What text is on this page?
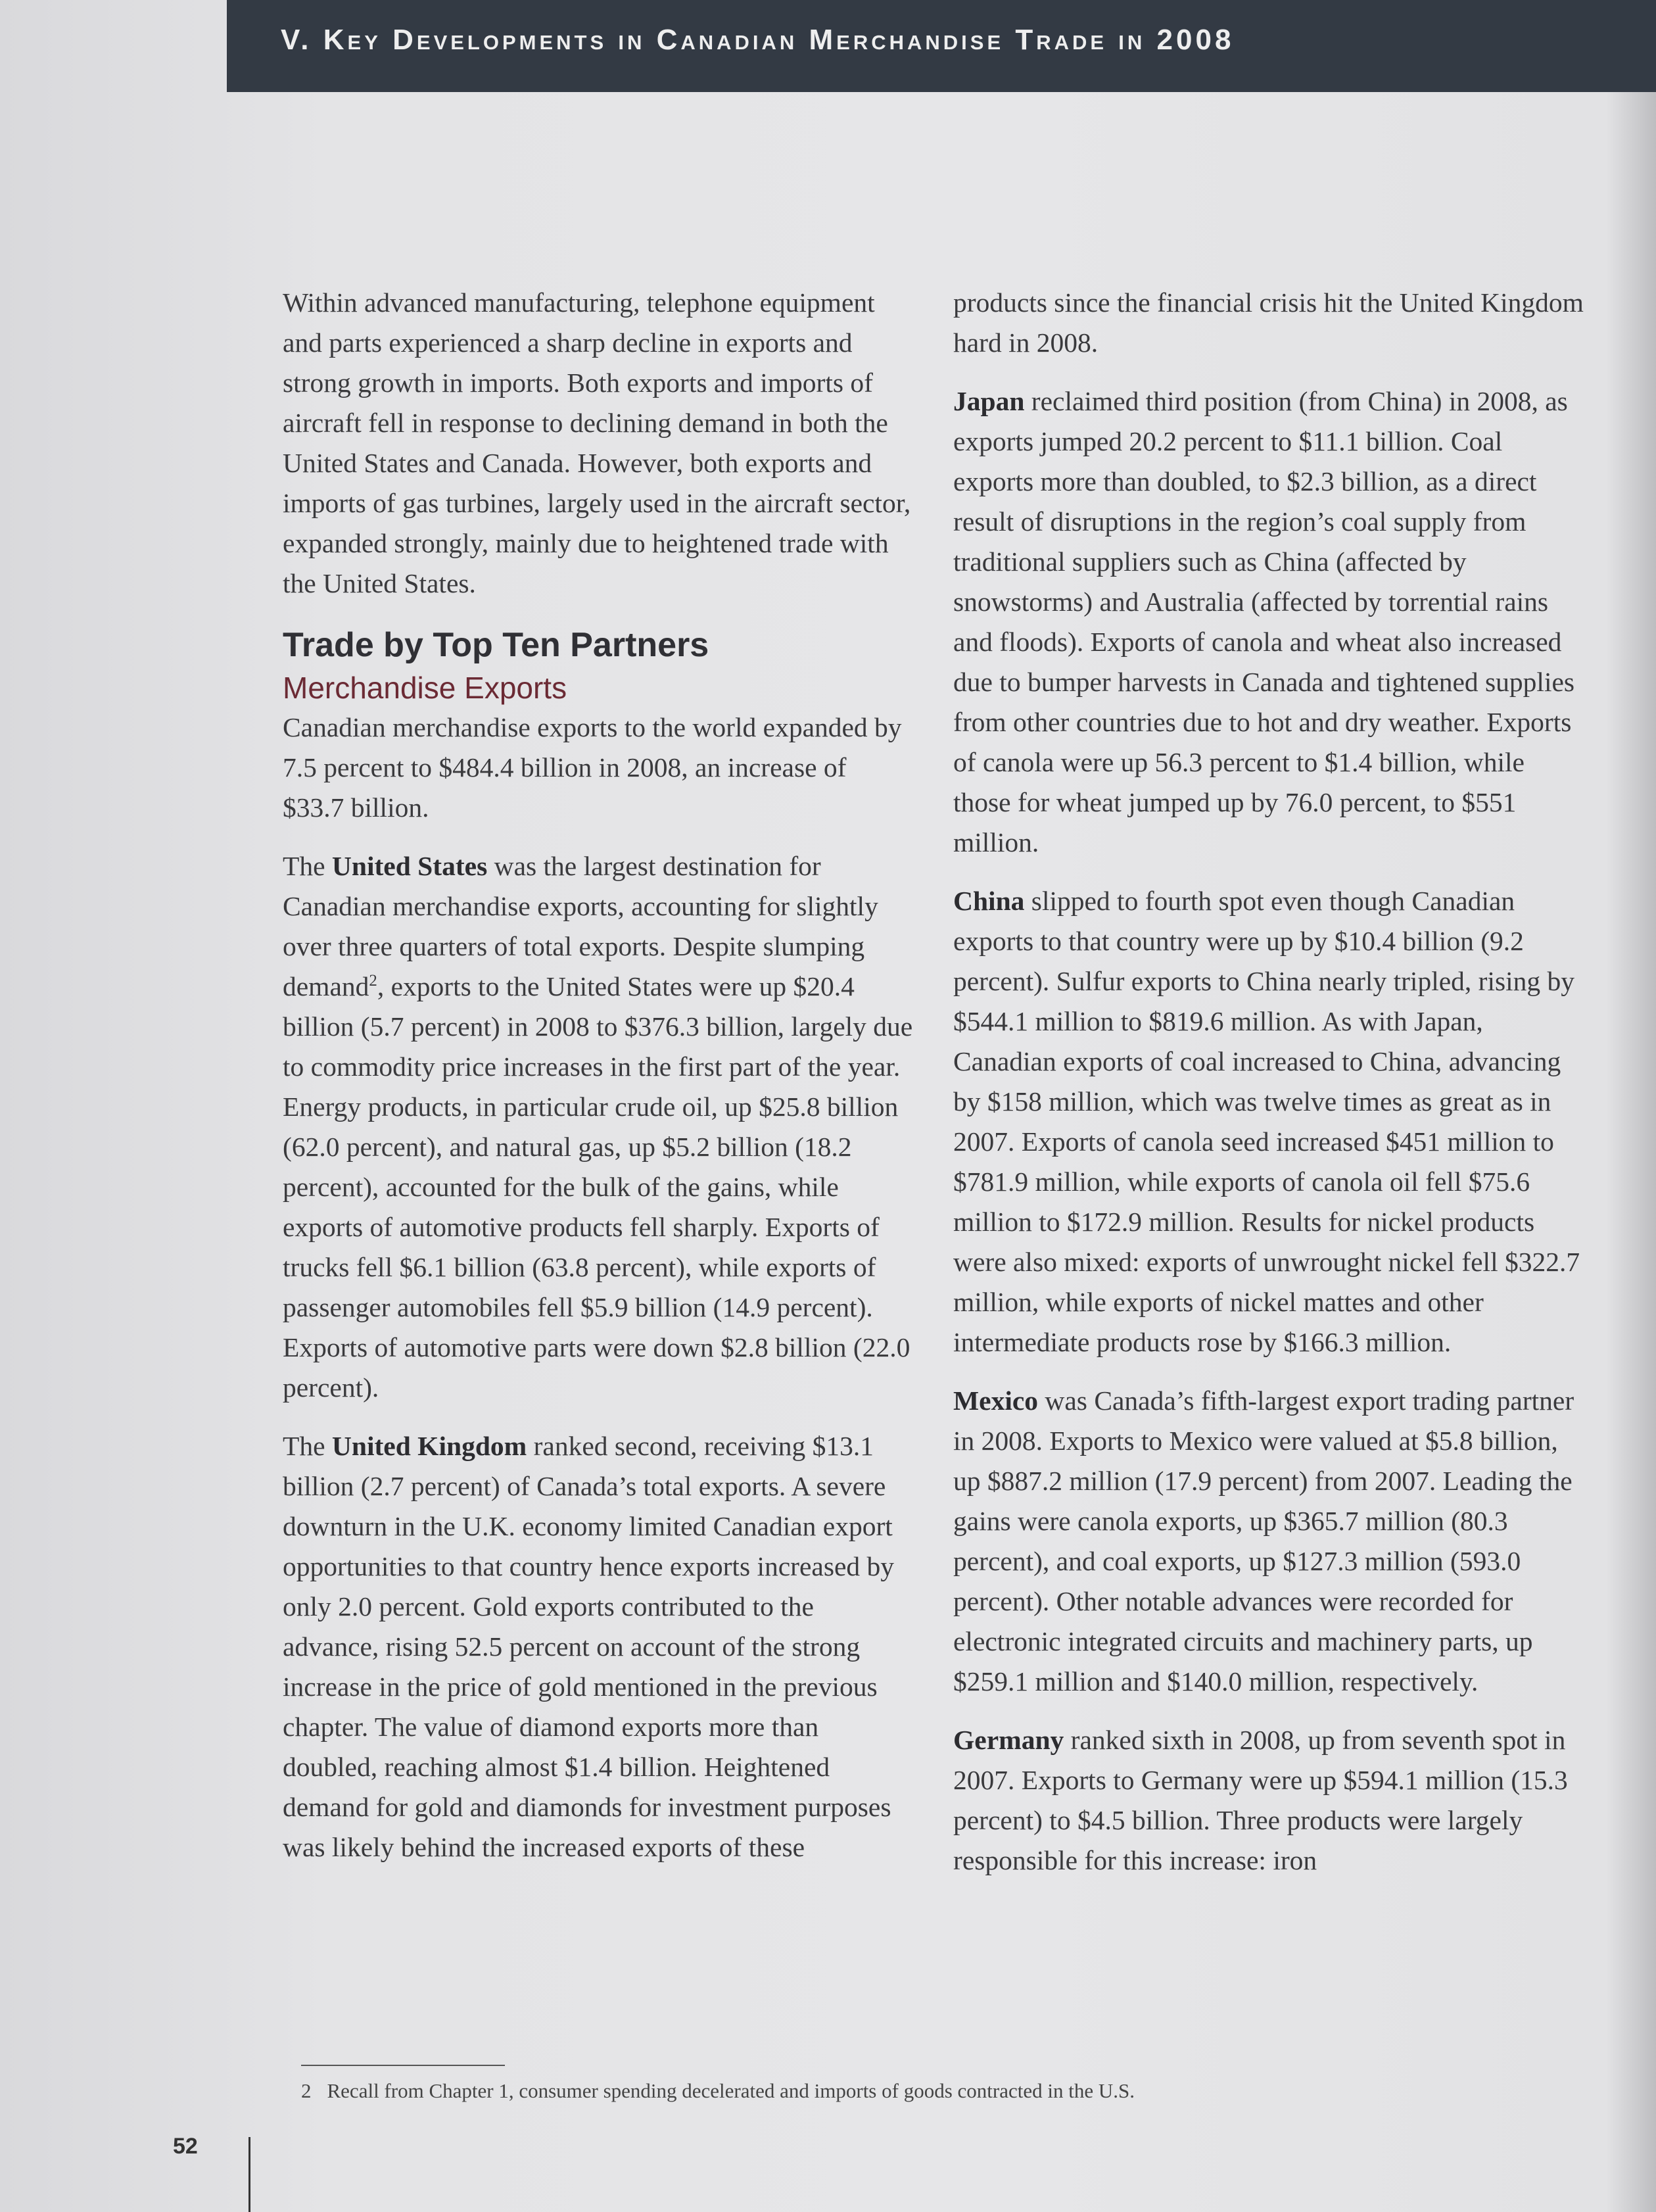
V. Key Developments in Canadian Merchandise Trade in 2008

Within advanced manufacturing, telephone equipment and parts experienced a sharp decline in exports and strong growth in imports. Both exports and imports of aircraft fell in response to declining demand in both the United States and Canada. However, both exports and imports of gas turbines, largely used in the aircraft sector, expanded strongly, mainly due to heightened trade with the United States.

Trade by Top Ten Partners
Merchandise Exports

Canadian merchandise exports to the world expanded by 7.5 percent to $484.4 billion in 2008, an increase of $33.7 billion.

The United States was the largest destination for Canadian merchandise exports, accounting for slightly over three quarters of total exports. Despite slumping demand$^2$, exports to the United States were up $20.4 billion (5.7 percent) in 2008 to $376.3 billion, largely due to commodity price increases in the first part of the year. Energy products, in particular crude oil, up $25.8 billion (62.0 percent), and natural gas, up $5.2 billion (18.2 percent), accounted for the bulk of the gains, while exports of automotive products fell sharply. Exports of trucks fell $6.1 billion (63.8 percent), while exports of passenger automobiles fell $5.9 billion (14.9 percent). Exports of automotive parts were down $2.8 billion (22.0 percent).

The United Kingdom ranked second, receiving $13.1 billion (2.7 percent) of Canada’s total exports. A severe downturn in the U.K. economy limited Canadian export opportunities to that country hence exports increased by only 2.0 percent. Gold exports contributed to the advance, rising 52.5 percent on account of the strong increase in the price of gold mentioned in the previous chapter. The value of diamond exports more than doubled, reaching almost $1.4 billion. Heightened demand for gold and diamonds for investment purposes was likely behind the increased exports of these

products since the financial crisis hit the United Kingdom hard in 2008.

Japan reclaimed third position (from China) in 2008, as exports jumped 20.2 percent to $11.1 billion. Coal exports more than doubled, to $2.3 billion, as a direct result of disruptions in the region’s coal supply from traditional suppliers such as China (affected by snowstorms) and Australia (affected by torrential rains and floods). Exports of canola and wheat also increased due to bumper harvests in Canada and tightened supplies from other countries due to hot and dry weather. Exports of canola were up 56.3 percent to $1.4 billion, while those for wheat jumped up by 76.0 percent, to $551 million.

China slipped to fourth spot even though Canadian exports to that country were up by $10.4 billion (9.2 percent). Sulfur exports to China nearly tripled, rising by $544.1 million to $819.6 million. As with Japan, Canadian exports of coal increased to China, advancing by $158 million, which was twelve times as great as in 2007. Exports of canola seed increased $451 million to $781.9 million, while exports of canola oil fell $75.6 million to $172.9 million. Results for nickel products were also mixed: exports of unwrought nickel fell $322.7 million, while exports of nickel mattes and other intermediate products rose by $166.3 million.

Mexico was Canada’s fifth-largest export trading partner in 2008. Exports to Mexico were valued at $5.8 billion, up $887.2 million (17.9 percent) from 2007. Leading the gains were canola exports, up $365.7 million (80.3 percent), and coal exports, up $127.3 million (593.0 percent). Other notable advances were recorded for electronic integrated circuits and machinery parts, up $259.1 million and $140.0 million, respectively.

Germany ranked sixth in 2008, up from seventh spot in 2007. Exports to Germany were up $594.1 million (15.3 percent) to $4.5 billion. Three products were largely responsible for this increase: iron

2 Recall from Chapter 1, consumer spending decelerated and imports of goods contracted in the U.S.
52
